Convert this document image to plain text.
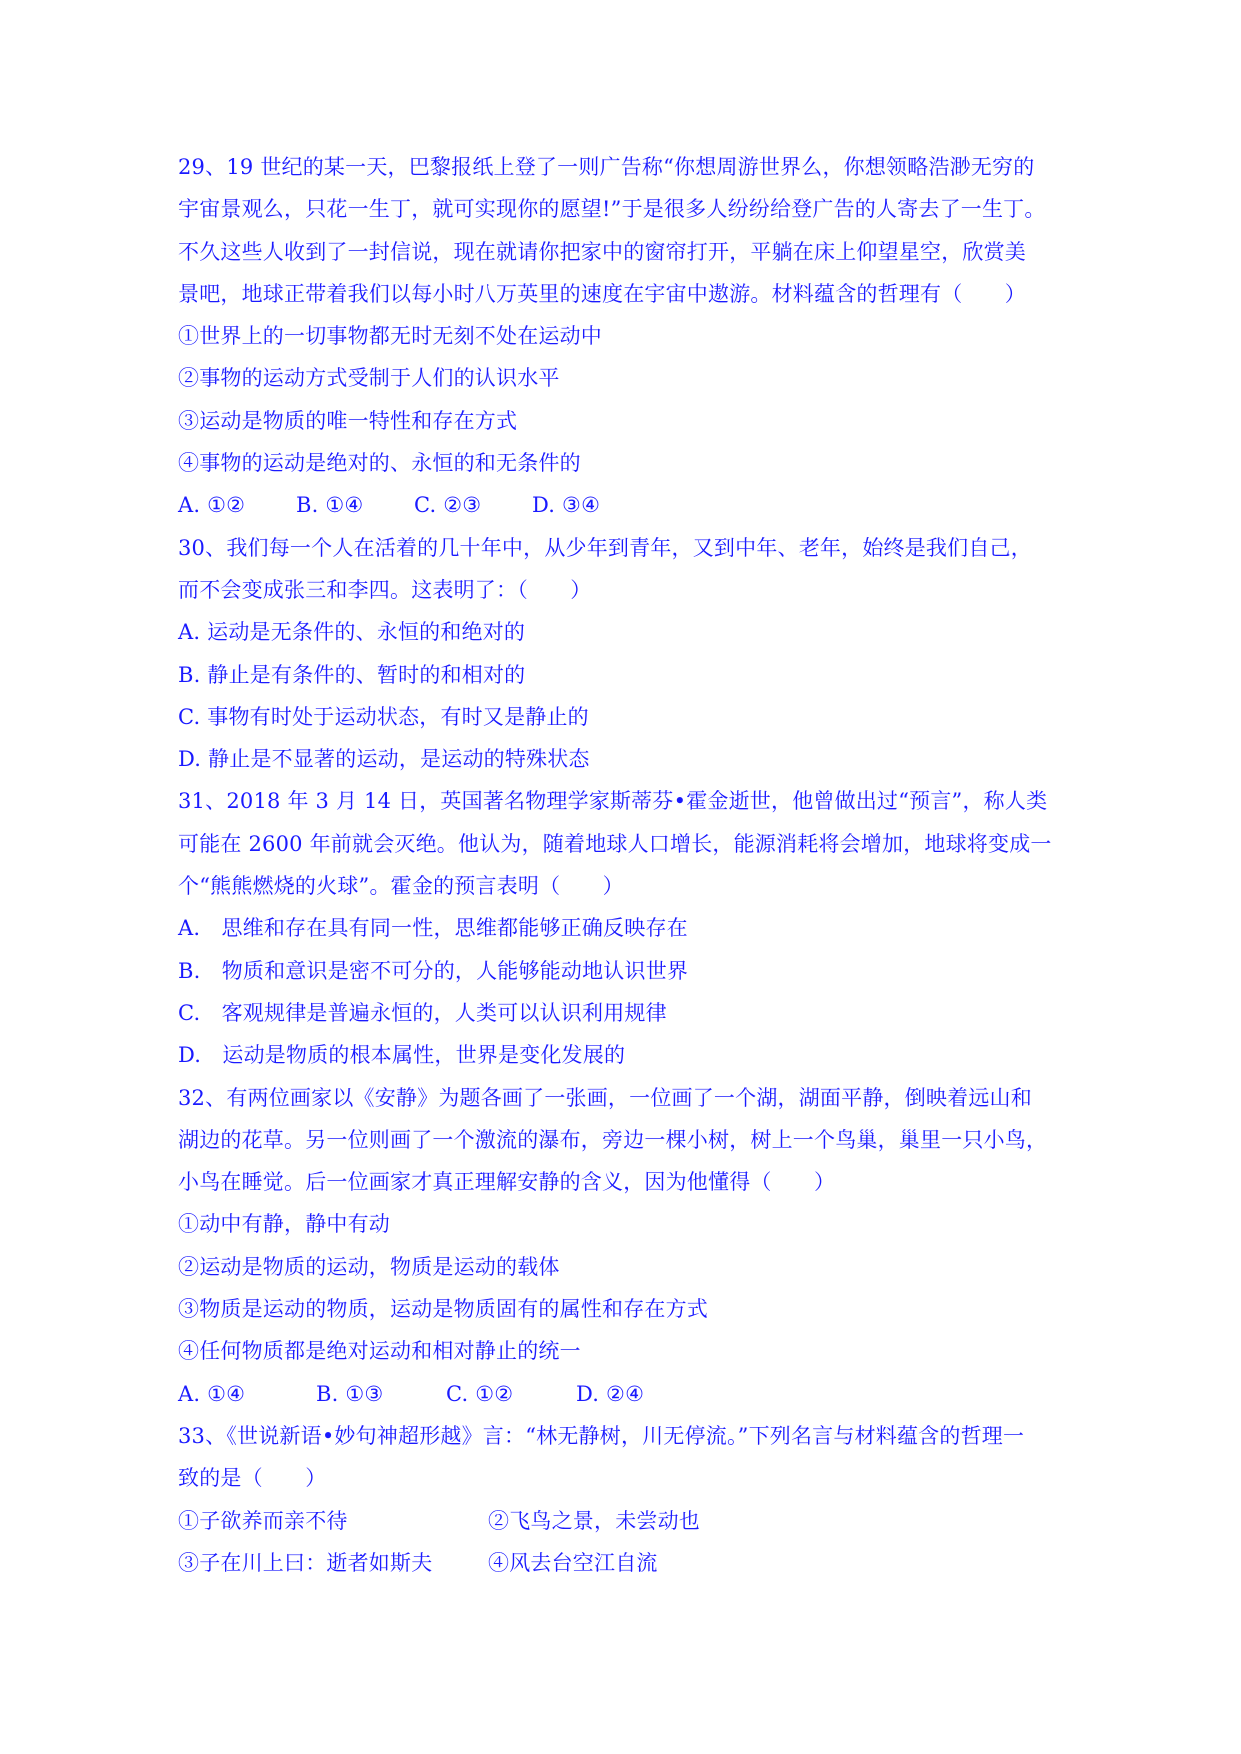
29、19 世纪的某一天，巴黎报纸上登了一则广告称“你想周游世界么，你想领略浩渺无穷的
宇宙景观么，只花一生丁，就可实现你的愿望!”于是很多人纷纷给登广告的人寄去了一生丁。
不久这些人收到了一封信说，现在就请你把家中的窗帘打开，平躺在床上仰望星空，欣赏美
景吧，地球正带着我们以每小时八万英里的速度在宇宙中遨游。材料蕴含的哲理有（　　）
①世界上的一切事物都无时无刻不处在运动中
②事物的运动方式受制于人们的认识水平
③运动是物质的唯一特性和存在方式
④事物的运动是绝对的、永恒的和无条件的
A. ①②	B. ①④	C. ②③	D. ③④
30、我们每一个人在活着的几十年中，从少年到青年，又到中年、老年，始终是我们自己，
而不会变成张三和李四。这表明了：（　　）
A. 运动是无条件的、永恒的和绝对的
B. 静止是有条件的、暂时的和相对的
C. 事物有时处于运动状态，有时又是静止的
D. 静止是不显著的运动，是运动的特殊状态
31、2018 年 3 月 14 日，英国著名物理学家斯蒂芬•霍金逝世，他曾做出过“预言”，称人类
可能在 2600 年前就会灭绝。他认为，随着地球人口增长，能源消耗将会增加，地球将变成一
个“熊熊燃烧的火球”。霍金的预言表明（　　）
A.　思维和存在具有同一性，思维都能够正确反映存在
B.　物质和意识是密不可分的，人能够能动地认识世界
C.　客观规律是普遍永恒的，人类可以认识利用规律
D.　运动是物质的根本属性，世界是变化发展的
32、有两位画家以《安静》为题各画了一张画，一位画了一个湖，湖面平静，倒映着远山和
湖边的花草。另一位则画了一个激流的瀑布，旁边一棵小树，树上一个鸟巢，巢里一只小鸟，
小鸟在睡觉。后一位画家才真正理解安静的含义，因为他懂得（　　）
①动中有静，静中有动
②运动是物质的运动，物质是运动的载体
③物质是运动的物质，运动是物质固有的属性和存在方式
④任何物质都是绝对运动和相对静止的统一
A. ①④	B. ①③	C. ①②	D. ②④
33、《世说新语•妙句神超形越》言：“林无静树，川无停流。”下列名言与材料蕴含的哲理一
致的是（　　）
①子欲养而亲不待	②飞鸟之景，未尝动也
③子在川上曰：逝者如斯夫	④风去台空江自流
